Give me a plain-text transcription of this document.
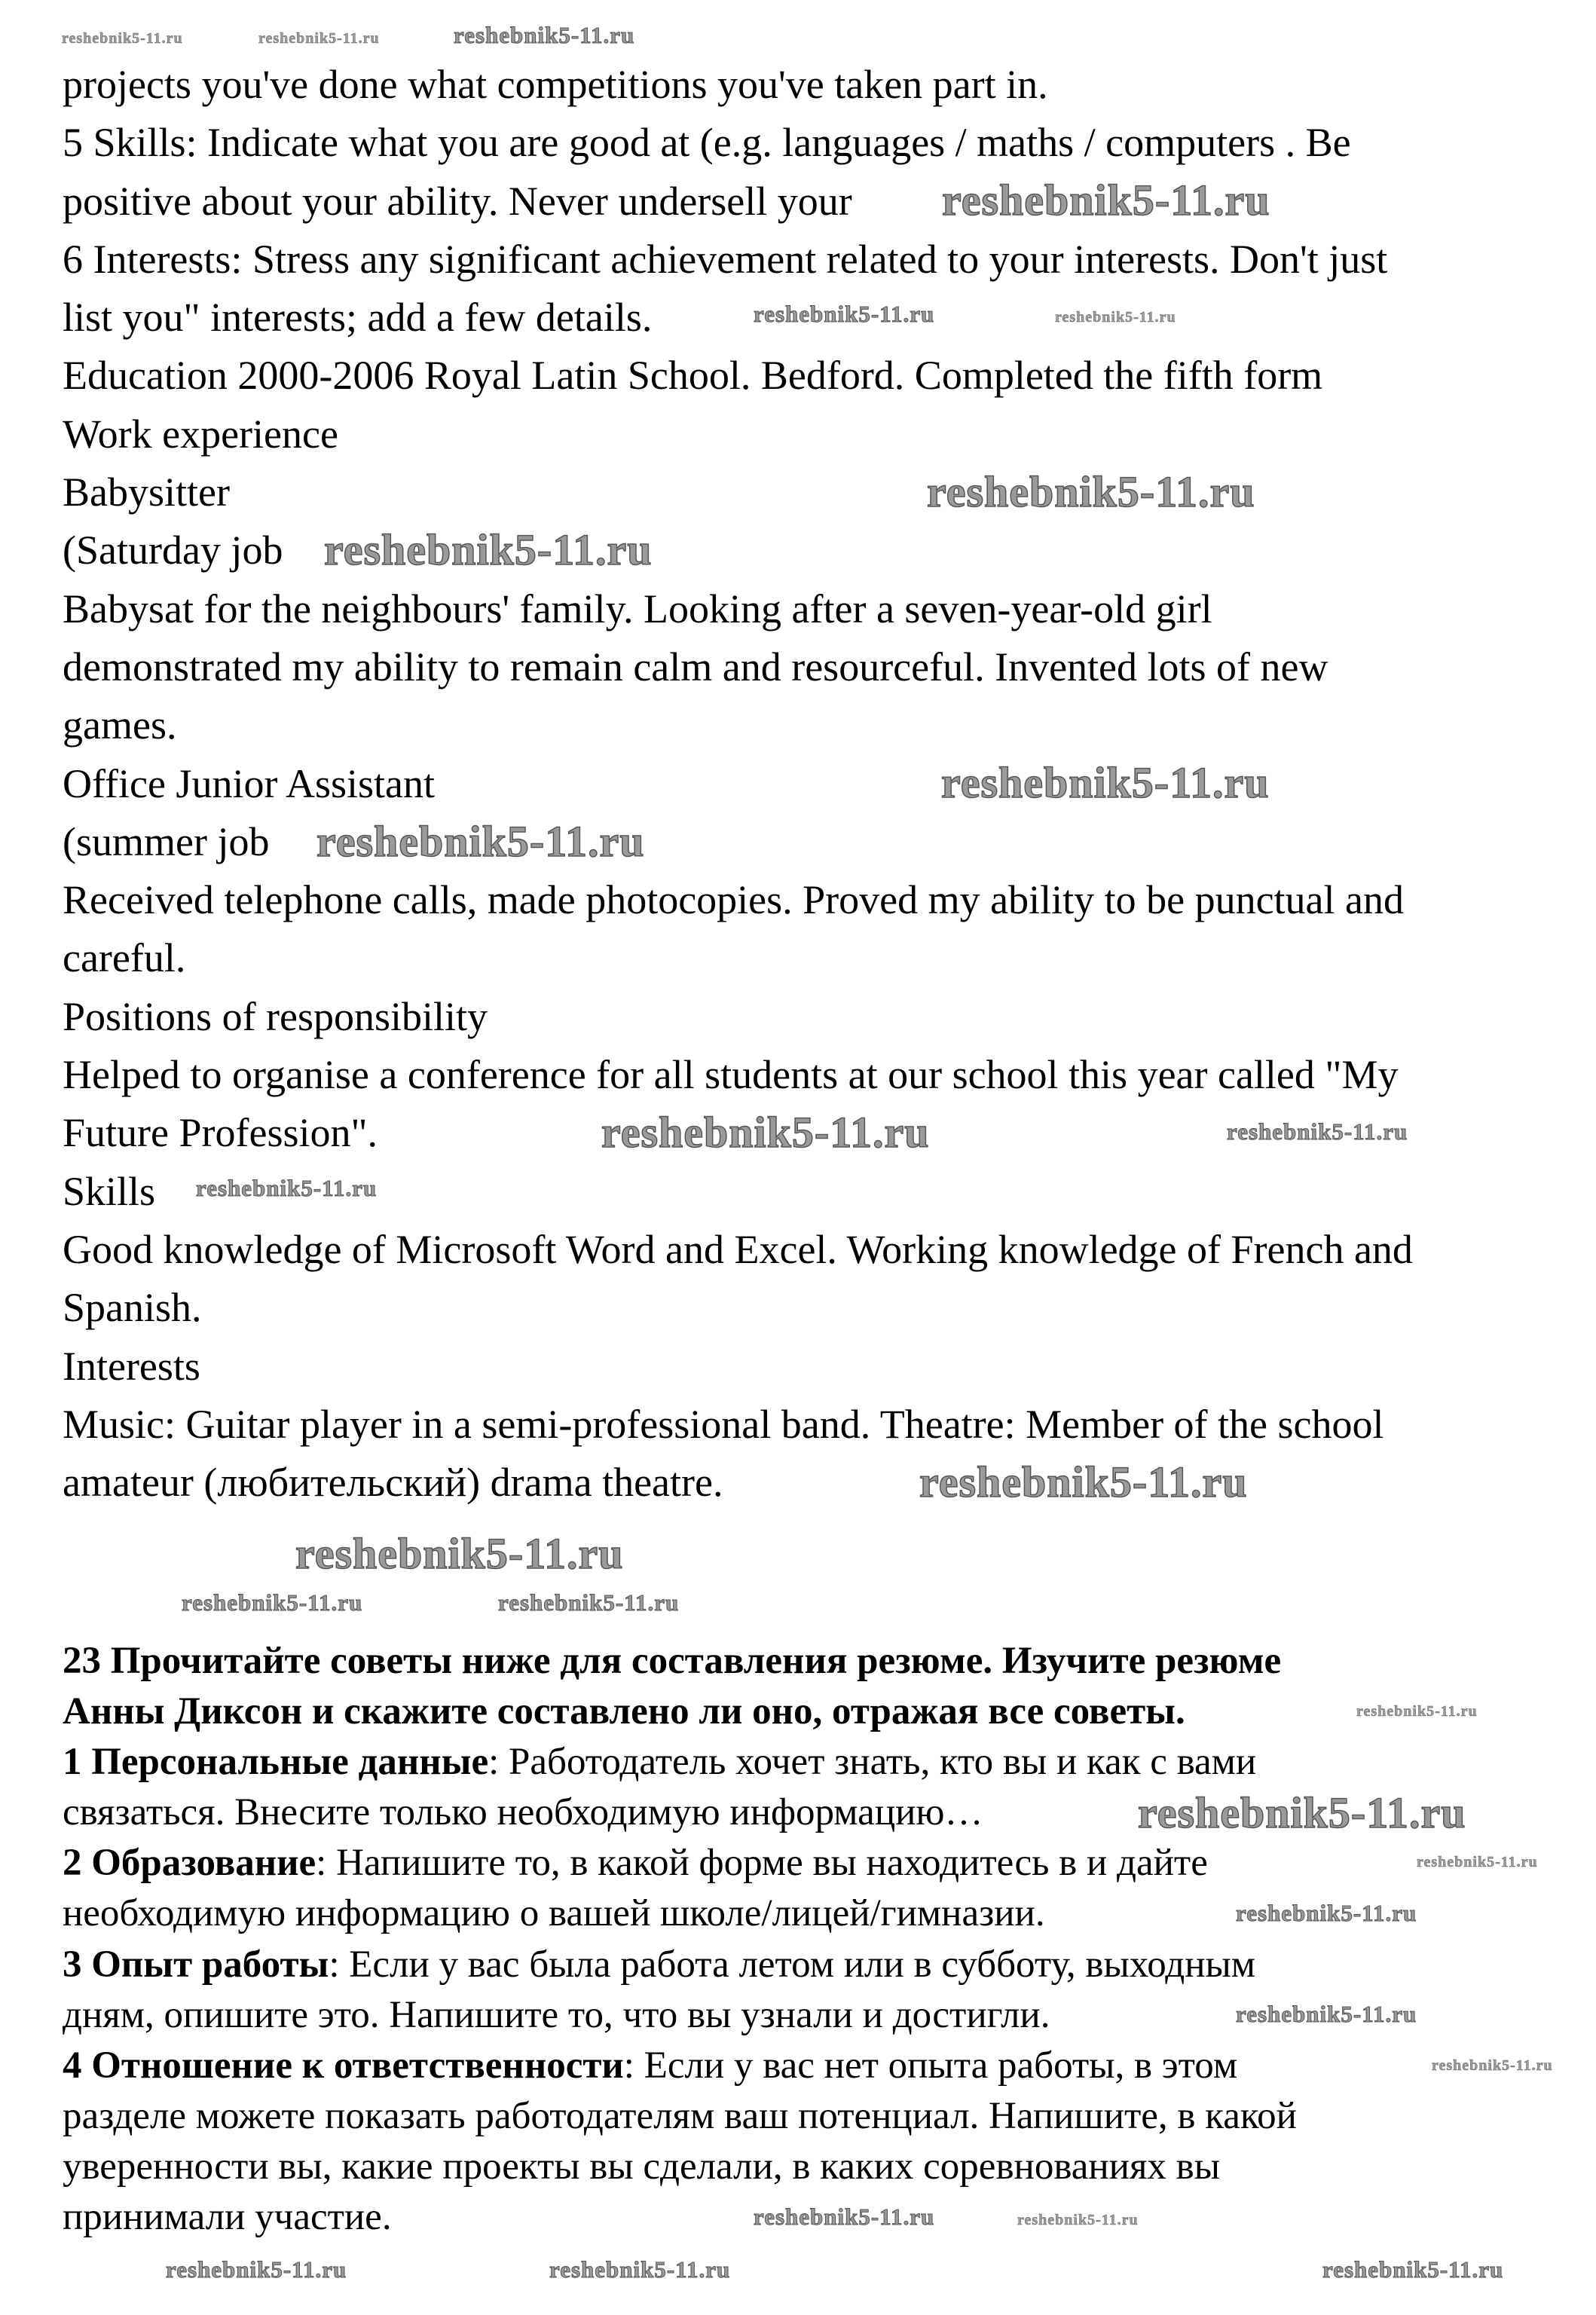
projects you've done what competitions you've taken part in.
5 Skills: Indicate what you are good at (e.g. languages / maths / computers . Be
positive about your ability. Never undersell your
6 Interests: Stress any significant achievement related to your interests. Don't just
list you" interests; add a few details.
Education 2000-2006 Royal Latin School. Bedford. Completed the fifth form
Work experience
Babysitter
(Saturday job
Babysat for the neighbours' family. Looking after a seven-year-old girl
demonstrated my ability to remain calm and resourceful. Invented lots of new
games.
Office Junior Assistant
(summer job
Received telephone calls, made photocopies. Proved my ability to be punctual and
careful.
Positions of responsibility
Helped to organise a conference for all students at our school this year called "My
Future Profession".
Skills
Good knowledge of Microsoft Word and Excel. Working knowledge of French and
Spanish.
Interests
Music: Guitar player in a semi-professional band. Theatre: Member of the school
amateur (любительский) drama theatre.
23 Прочитайте советы ниже для составления резюме. Изучите резюме
Анны Диксон и скажите составлено ли оно, отражая все советы.
1 Персональные данные: Работодатель хочет знать, кто вы и как с вами
связаться. Внесите только необходимую информацию…
2 Образование: Напишите то, в какой форме вы находитесь в и дайте
необходимую информацию о вашей школе/лицей/гимназии.
3 Опыт работы: Если у вас была работа летом или в субботу, выходным
дням, опишите это. Напишите то, что вы узнали и достигли.
4 Отношение к ответственности: Если у вас нет опыта работы, в этом
разделе можете показать работодателям ваш потенциал. Напишите, в какой
уверенности вы, какие проекты вы сделали, в каких соревнованиях вы
принимали участие.
reshebnik5-11.ru
reshebnik5-11.ru
reshebnik5-11.ru
reshebnik5-11.ru
reshebnik5-11.ru
reshebnik5-11.ru
reshebnik5-11.ru
reshebnik5-11.ru
reshebnik5-11.ru
reshebnik5-11.ru
reshebnik5-11.ru
reshebnik5-11.ru
reshebnik5-11.ru
reshebnik5-11.ru	reshebnik5-11.ru
reshebnik5-11.ru
reshebnik5-11.ru
reshebnik5-11.ru
reshebnik5-11.ru	reshebnik5-11.ru	reshebnik5-11.ru
reshebnik5-11.ru	reshebnik5-11.ru
reshebnik5-11.ru
reshebnik5-11.ru
reshebnik5-11.ru
reshebnik5-11.ru
reshebnik5-11.ru
